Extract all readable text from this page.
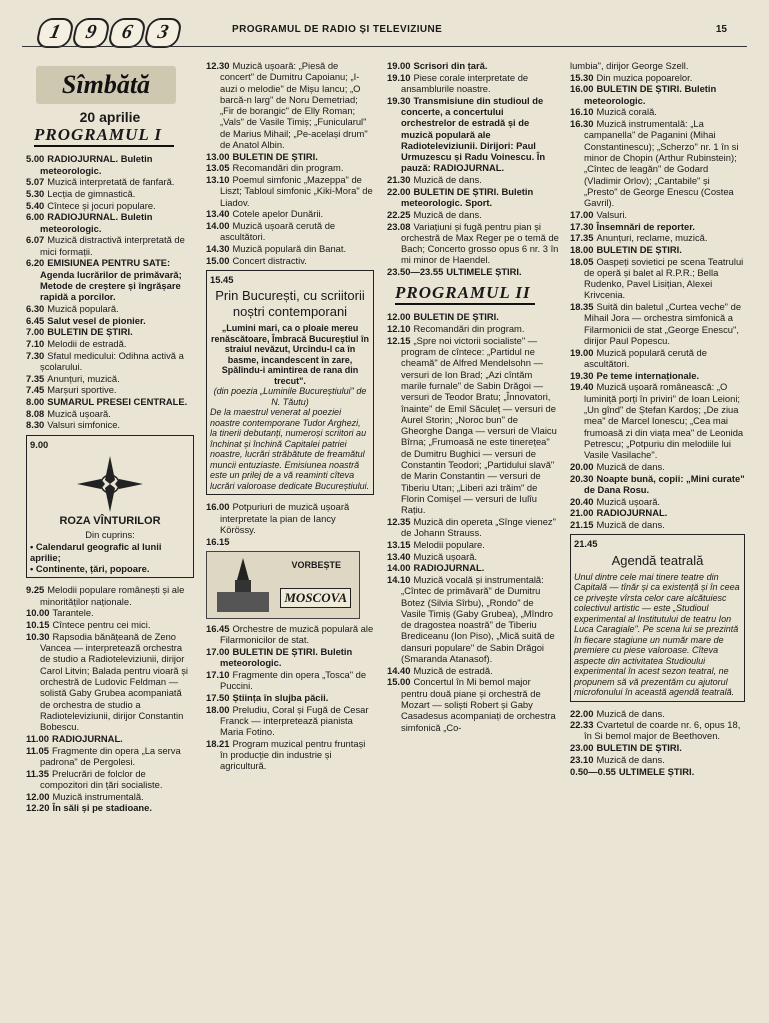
1	9	6	3	PROGRAMUL DE RADIO ȘI TELEVIZIUNE	15
Sîmbătă
20 aprilie
PROGRAMUL I
5.00 RADIOJURNAL. Buletin meteorologic.
5.07 Muzică interpretată de fanfară.
5.30 Lecția de gimnastică.
5.40 Cîntece și jocuri populare.
6.00 RADIOJURNAL. Buletin meteorologic.
6.07 Muzică distractivă interpretată de mici formații.
6.20 EMISIUNEA PENTRU SATE: Agenda lucrărilor de primăvară; Metode de creștere și îngrășare rapidă a porcilor.
6.30 Muzică populară.
6.45 Salut vesel de pionier.
7.00 BULETIN DE ȘTIRI.
7.10 Melodii de estradă.
7.30 Sfatul medicului: Odihna activă a școlarului.
7.35 Anunțuri, muzică.
7.45 Marșuri sportive.
8.00 SUMARUL PRESEI CENTRALE.
8.08 Muzică ușoară.
8.30 Valsuri simfonice.
9.00
ROZA VÎNTURILOR
Din cuprins:
• Calendarul geografic al lunii aprilie;
• Continente, țări, popoare.
9.25 Melodii populare românești și ale minorităților naționale.
10.00 Tarantele.
10.15 Cîntece pentru cei mici.
10.30 Rapsodia bănățeană de Zeno Vancea — interpretează orchestra de studio a Radioteleviziunii, dirijor Carol Litvin; Balada pentru vioară și orchestră de Ludovic Feldman — solistă Gaby Grubea acompaniată de orchestra de studio a Radioteleviziunii, dirijor Constantin Bobescu.
11.00 RADIOJURNAL.
11.05 Fragmente din opera „La serva padrona" de Pergolesi.
11.35 Prelucrări de folclor de compozitori din țări socialiste.
12.00 Muzică instrumentală.
12.20 În săli și pe stadioane.
12.30 Muzică ușoară: „Piesă de concert" de Dumitru Capoianu; „I-auzi o melodie" de Mișu Iancu; „O barcă-n larg" de Noru Demetriad; „Fir de borangic" de Elly Roman; „Vals" de Vasile Timiș; „Funicularul" de Marius Mihail; „Pe-același drum" de Anatol Albin.
13.00 BULETIN DE ȘTIRI.
13.05 Recomandări din program.
13.10 Poemul simfonic „Mazeppa" de Liszt; Tabloul simfonic „Kiki-Mora" de Liadov.
13.40 Cotele apelor Dunării.
14.00 Muzică ușoară cerută de ascultători.
14.30 Muzică populară din Banat.
15.00 Concert distractiv.
15.45
Prin București, cu scriitorii noștri contemporani
„Lumini mari, ca o ploaie mereu renăscătoare, Îmbracă Bucureștiul în straiul nevăzut, Urcîndu-l ca în basme, incandescent în zare, Spălîndu-i amintirea de rana din trecut".
(din poezia „Luminile Bucureștiului" de N. Tăutu)
De la maestrul venerat al poeziei noastre contemporane Tudor Arghezi, la tinerii debutanți, numeroși scriitori au închinat și închină Capitalei patriei noastre, lucrări străbătute de freamătul muncii entuziaste. Emisiunea noastră este un prilej de a vă reaminti cîteva lucrări valoroase dedicate Bucureștiului.
16.00 Potpuriuri de muzică ușoară interpretate la pian de Iancy Körössy.
16.15
VORBEȘTE
MOSCOVA
16.45 Orchestre de muzică populară ale Filarmonicilor de stat.
17.00 BULETIN DE ȘTIRI. Buletin meteorologic.
17.10 Fragmente din opera „Tosca" de Puccini.
17.50 Știința în slujba păcii.
18.00 Preludiu, Coral și Fugă de Cesar Franck — interpretează pianista Maria Fotino.
18.21 Program muzical pentru fruntași în producție din industrie și agricultură.
19.00 Scrisori din țară.
19.10 Piese corale interpretate de ansamblurile noastre.
19.30 Transmisiune din studioul de concerte, a concertului orchestrelor de estradă și de muzică populară ale Radioteleviziunii. Dirijori: Paul Urmuzescu și Radu Voinescu. În pauză: RADIOJURNAL.
21.30 Muzică de dans.
22.00 BULETIN DE ȘTIRI. Buletin meteorologic. Sport.
22.25 Muzică de dans.
23.08 Variațiuni și fugă pentru pian și orchestră de Max Reger pe o temă de Bach; Concerto grosso opus 6 nr. 3 în mi minor de Haendel.
23.50—23.55 ULTIMELE ȘTIRI.
PROGRAMUL II
12.00 BULETIN DE ȘTIRI.
12.10 Recomandări din program.
12.15 „Spre noi victorii socialiste" — program de cîntece: „Partidul ne cheamă" de Alfred Mendelsohn — versuri de Ion Brad; „Azi cîntăm marile furnale" de Sabin Drăgoi — versuri de Teodor Bratu; „Înnovatori, înainte" de Emil Săculeț — versuri de Aurel Storin; „Noroc bun" de Gheorghe Danga — versuri de Vlaicu Bîrna; „Frumoasă ne este tinerețea" de Dumitru Bughici — versuri de Constantin Teodori; „Partidului slavă" de Marin Constantin — versuri de Tiberiu Utan; „Liberi azi trăim" de Florin Comișel — versuri de Iulîu Rațiu.
12.35 Muzică din opereta „Sînge vienez" de Johann Strauss.
13.15 Melodii populare.
13.40 Muzică ușoară.
14.00 RADIOJURNAL.
14.10 Muzică vocală și instrumentală: „Cîntec de primăvară" de Dumitru Botez (Silvia Sîrbu), „Rondo" de Vasile Timiș (Gaby Grubea), „Mîndro de dragostea noastră" de Tiberiu Brediceanu (Ion Piso), „Mică suită de dansuri populare" de Sabin Drăgoi (Smaranda Atanasof).
14.40 Muzică de estradă.
15.00 Concertul în Mi bemol major pentru două piane și orchestră de Mozart — soliști Robert și Gaby Casadesus acompaniați de orchestra simfonică „Co-
lumbia", dirijor George Szell.
15.30 Din muzica popoarelor.
16.00 BULETIN DE ȘTIRI. Buletin meteorologic.
16.10 Muzică corală.
16.30 Muzică instrumentală: „La campanella" de Paganini (Mihai Constantinescu); „Scherzo" nr. 1 în si minor de Chopin (Arthur Rubinstein); „Cîntec de leagăn" de Godard (Vladimir Orlov); „Cantabile" și „Presto" de George Enescu (Costea Gavril).
17.00 Valsuri.
17.30 Însemnări de reporter.
17.35 Anunțuri, reclame, muzică.
18.00 BULETIN DE ȘTIRI.
18.05 Oaspeți sovietici pe scena Teatrului de operă și balet al R.P.R.; Bella Rudenko, Pavel Lisițian, Alexei Krivcenia.
18.35 Suită din baletul „Curtea veche" de Mihail Jora — orchestra simfonică a Filarmonicii de stat „George Enescu", dirijor Paul Popescu.
19.00 Muzică populară cerută de ascultători.
19.30 Pe teme internaționale.
19.40 Muzică ușoară românească: „O luminiță porți în priviri" de Ioan Leioni; „Un gînd" de Ștefan Kardoș; „De ziua mea" de Marcel Ionescu; „Cea mai frumoasă zi din viața mea" de Leonida Petrescu; „Potpuriu din melodiile lui Vasile Vasilache".
20.00 Muzică de dans.
20.30 Noapte bună, copii: „Mini curate" de Dana Rosu.
20.40 Muzică ușoară.
21.00 RADIOJURNAL.
21.15 Muzică de dans.
21.45
Agendă teatrală
Unul dintre cele mai tinere teatre din Capitală — tînăr și ca existență și în ceea ce privește vîrsta celor care alcătuiesc colectivul artistic — este „Studioul experimental al Institutului de teatru Ion Luca Caragiale". Pe scena lui se prezintă în fiecare stagiune un număr mare de premiere cu piese valoroase. Cîteva aspecte din activitatea Studioului experimental în acest sezon teatral, ne propunem să vă prezentăm cu ajutorul microfonului în această agendă teatrală.
22.00 Muzică de dans.
22.33 Cvartetul de coarde nr. 6, opus 18, în Si bemol major de Beethoven.
23.00 BULETIN DE ȘTIRI.
23.10 Muzică de dans.
0.50—0.55 ULTIMELE ȘTIRI.
